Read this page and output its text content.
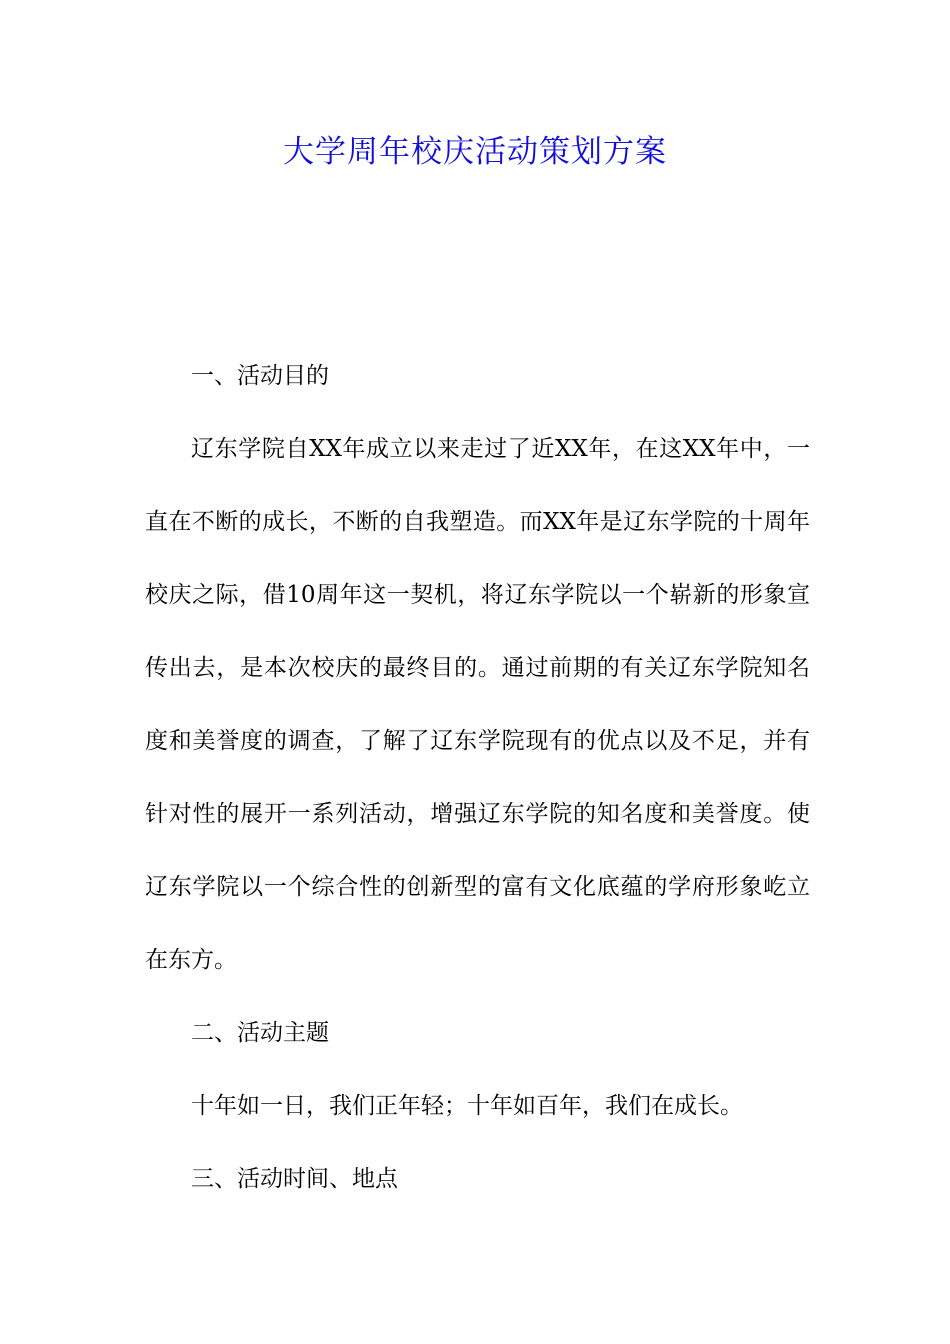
大学周年校庆活动策划方案

一、活动目的

辽东学院自XX年成立以来走过了近XX年，在这XX年中，一直在不断的成长，不断的自我塑造。而XX年是辽东学院的十周年校庆之际，借10周年这一契机，将辽东学院以一个崭新的形象宣传出去，是本次校庆的最终目的。通过前期的有关辽东学院知名度和美誉度的调查，了解了辽东学院现有的优点以及不足，并有针对性的展开一系列活动，增强辽东学院的知名度和美誉度。使辽东学院以一个综合性的创新型的富有文化底蕴的学府形象屹立在东方。

二、活动主题

十年如一日，我们正年轻；十年如百年，我们在成长。

三、活动时间、地点
